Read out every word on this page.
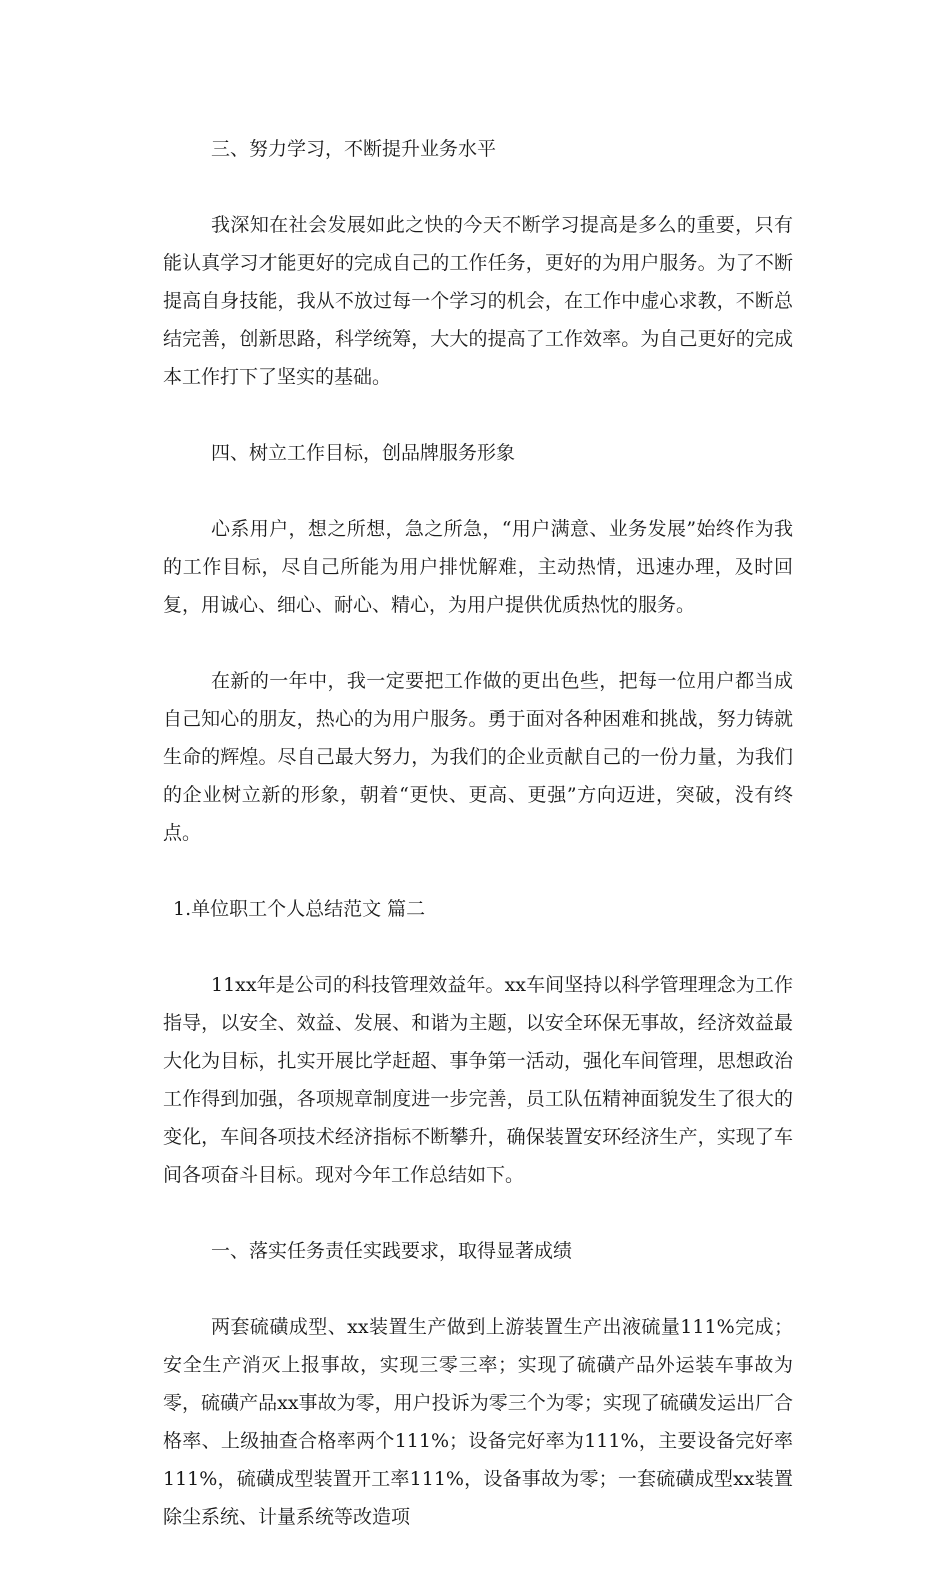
三、努力学习，不断提升业务水平

我深知在社会发展如此之快的今天不断学习提高是多么的重要，只有能认真学习才能更好的完成自己的工作任务，更好的为用户服务。为了不断提高自身技能，我从不放过每一个学习的机会，在工作中虚心求教，不断总结完善，创新思路，科学统筹，大大的提高了工作效率。为自己更好的完成本工作打下了坚实的基础。

四、树立工作目标，创品牌服务形象

心系用户，想之所想，急之所急，“用户满意、业务发展”始终作为我的工作目标，尽自己所能为用户排忧解难，主动热情，迅速办理，及时回复，用诚心、细心、耐心、精心，为用户提供优质热忱的服务。

在新的一年中，我一定要把工作做的更出色些，把每一位用户都当成自己知心的朋友，热心的为用户服务。勇于面对各种困难和挑战，努力铸就生命的辉煌。尽自己最大努力，为我们的企业贡献自己的一份力量，为我们的企业树立新的形象，朝着“更快、更高、更强”方向迈进，突破，没有终点。

1.单位职工个人总结范文 篇二

11xx年是公司的科技管理效益年。xx车间坚持以科学管理理念为工作指导，以安全、效益、发展、和谐为主题，以安全环保无事故，经济效益最大化为目标，扎实开展比学赶超、事争第一活动，强化车间管理，思想政治工作得到加强，各项规章制度进一步完善，员工队伍精神面貌发生了很大的变化，车间各项技术经济指标不断攀升，确保装置安环经济生产，实现了车间各项奋斗目标。现对今年工作总结如下。

一、落实任务责任实践要求，取得显著成绩

两套硫磺成型、xx装置生产做到上游装置生产出液硫量111%完成；安全生产消灭上报事故，实现三零三率；实现了硫磺产品外运装车事故为零，硫磺产品xx事故为零，用户投诉为零三个为零；实现了硫磺发运出厂合格率、上级抽查合格率两个111%；设备完好率为111%，主要设备完好率111%，硫磺成型装置开工率111%，设备事故为零；一套硫磺成型xx装置除尘系统、计量系统等改造项
